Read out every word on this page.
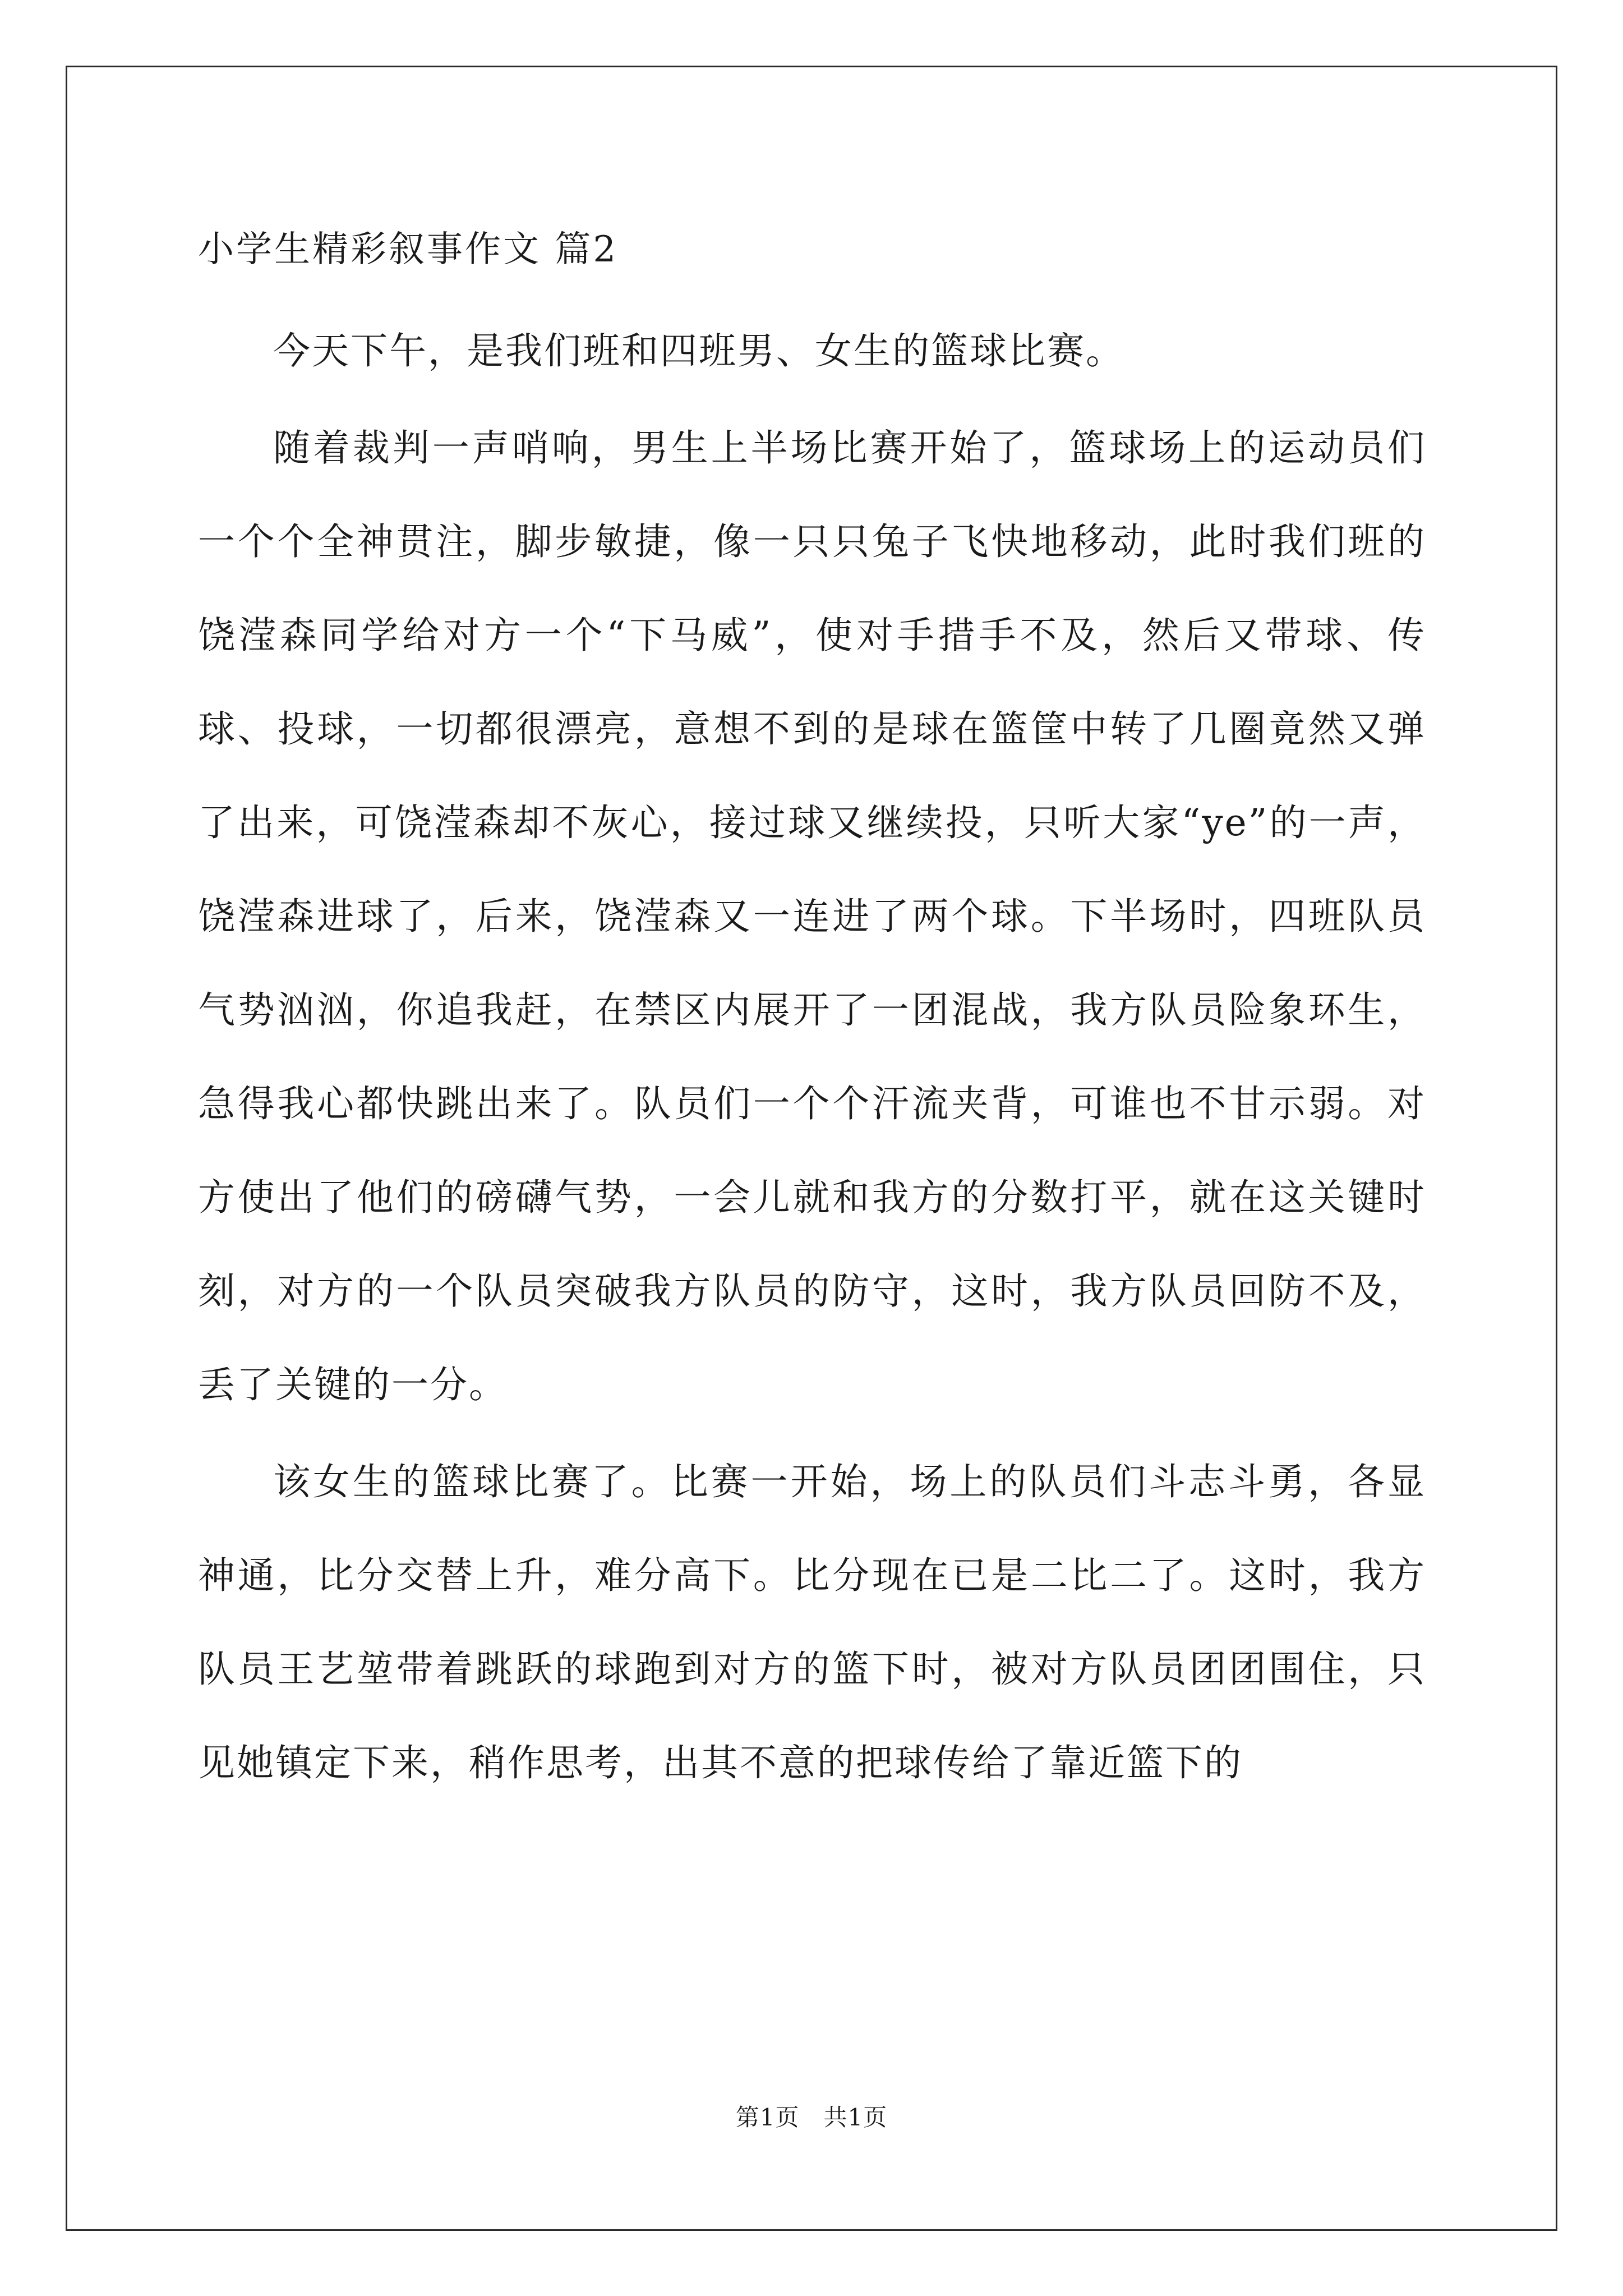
小学生精彩叙事作文 篇2

今天下午，是我们班和四班男、女生的篮球比赛。

随着裁判一声哨响，男生上半场比赛开始了，篮球场上的运动员们一个个全神贯注，脚步敏捷，像一只只兔子飞快地移动，此时我们班的饶滢森同学给对方一个“下马威”，使对手措手不及，然后又带球、传球、投球，一切都很漂亮，意想不到的是球在篮筐中转了几圈竟然又弹了出来，可饶滢森却不灰心，接过球又继续投，只听大家“ye”的一声，饶滢森进球了，后来，饶滢森又一连进了两个球。下半场时，四班队员气势汹汹，你追我赶，在禁区内展开了一团混战，我方队员险象环生，急得我心都快跳出来了。队员们一个个汗流夹背，可谁也不甘示弱。对方使出了他们的磅礴气势，一会儿就和我方的分数打平，就在这关键时刻，对方的一个队员突破我方队员的防守，这时，我方队员回防不及，丢了关键的一分。

该女生的篮球比赛了。比赛一开始，场上的队员们斗志斗勇，各显神通，比分交替上升，难分高下。比分现在已是二比二了。这时，我方队员王艺堃带着跳跃的球跑到对方的篮下时，被对方队员团团围住，只见她镇定下来，稍作思考，出其不意的把球传给了靠近篮下的

第1页   共1页
